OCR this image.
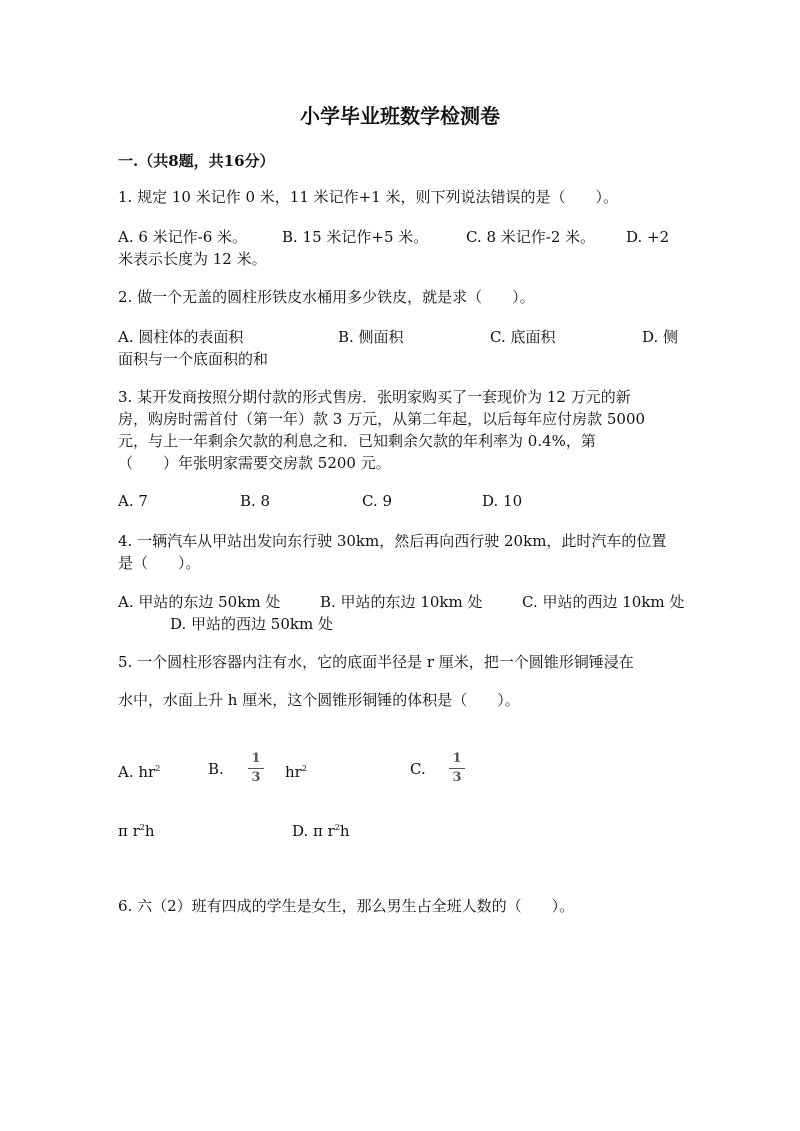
小学毕业班数学检测卷
一.（共8题，共16分）
1. 规定 10 米记作 0 米，11 米记作+1 米，则下列说法错误的是（　　）。
A. 6 米记作-6 米。 B. 15 米记作+5 米。	C. 8 米记作-2 米。 D. +2
米表示长度为 12 米。
2. 做一个无盖的圆柱形铁皮水桶用多少铁皮，就是求（　　）。
A. 圆柱体的表面积	B. 侧面积	C. 底面积	D. 侧
面积与一个底面积的和
3. 某开发商按照分期付款的形式售房．张明家购买了一套现价为 12 万元的新
房，购房时需首付（第一年）款 3 万元，从第二年起，以后每年应付房款 5000
元，与上一年剩余欠款的利息之和．已知剩余欠款的年利率为 0.4%，第
（　　）年张明家需要交房款 5200 元。
A. 7	B. 8	C. 9	D. 10
4. 一辆汽车从甲站出发向东行驶 30km，然后再向西行驶 20km，此时汽车的位置
是（　　）。
A. 甲站的东边 50km 处	B. 甲站的东边 10km 处	C. 甲站的西边 10km 处
D. 甲站的西边 50km 处
5. 一个圆柱形容器内注有水，它的底面半径是 r 厘米，把一个圆锥形铜锤浸在
水中，水面上升 h 厘米，这个圆锥形铜锤的体积是（　　）。
A. $hr^2$	B.
1
3 $hr^2$	C.
1
3
π $r^2h$	D. π $r^2h$
6. 六（2）班有四成的学生是女生，那么男生占全班人数的（　　）。
